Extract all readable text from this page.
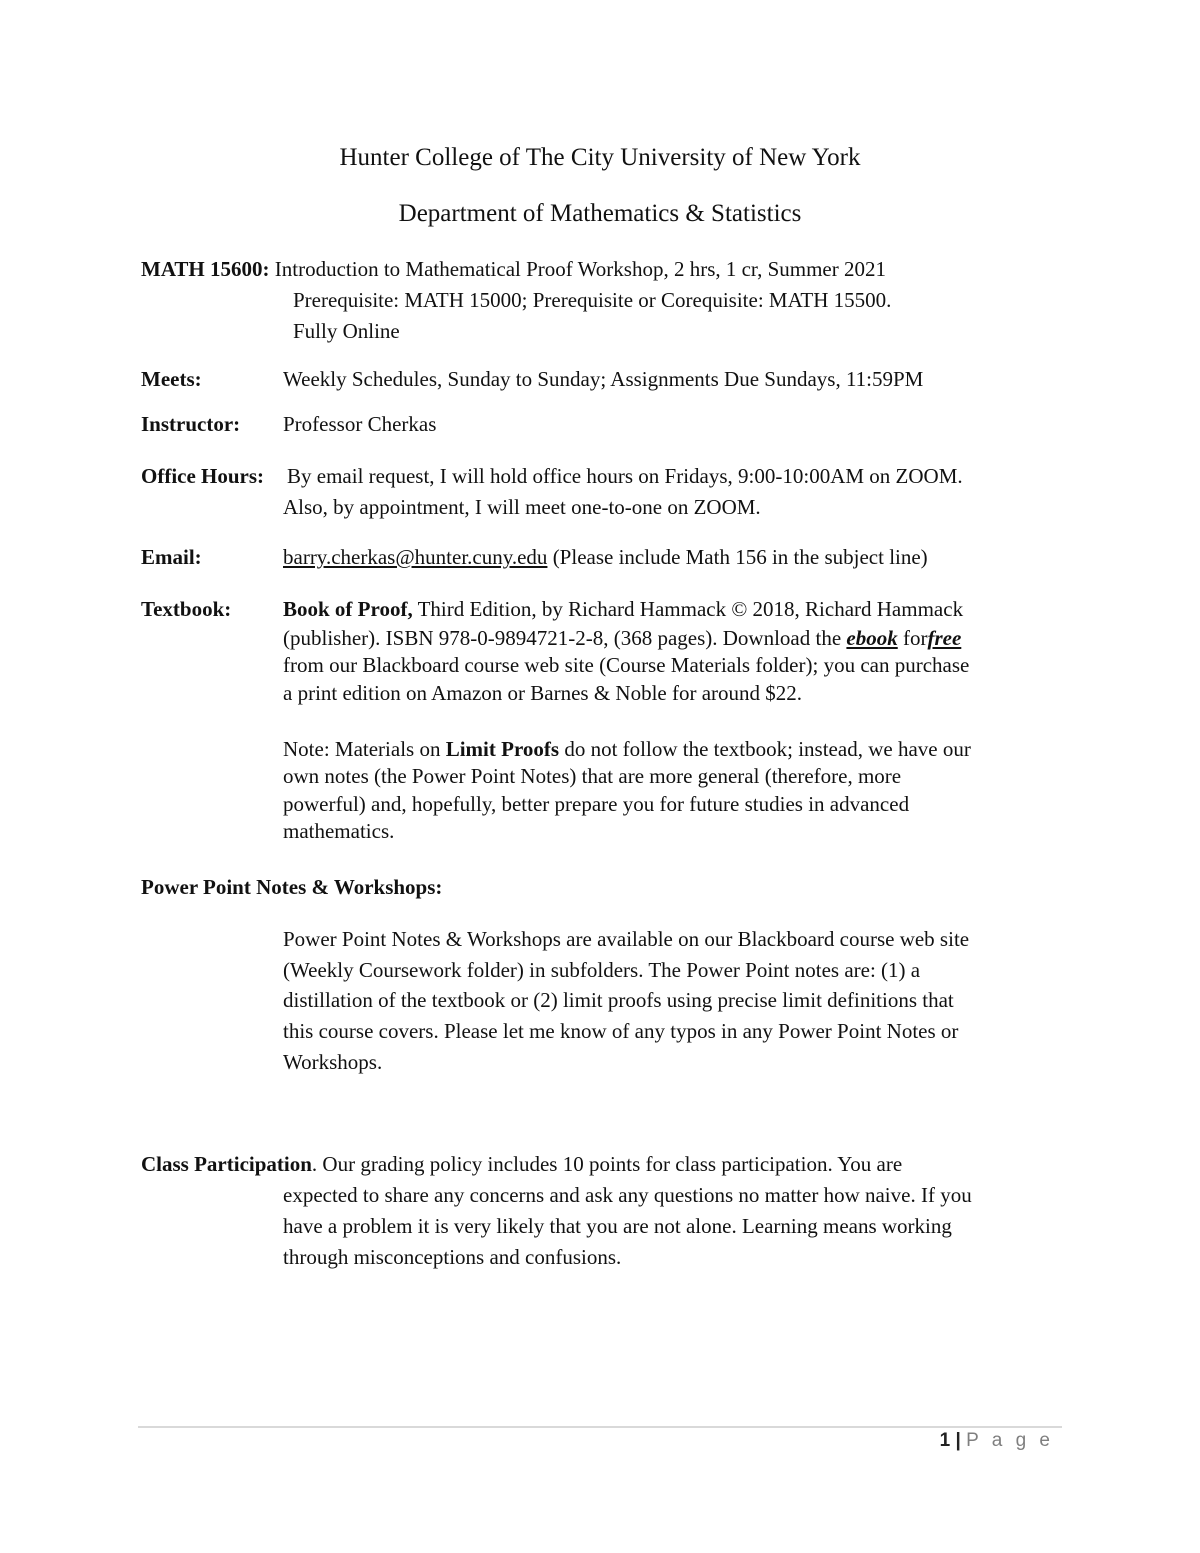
Hunter College of The City University of New York
Department of Mathematics & Statistics
MATH 15600: Introduction to Mathematical Proof Workshop, 2 hrs, 1 cr, Summer 2021
Prerequisite: MATH 15000; Prerequisite or Corequisite: MATH 15500.
Fully Online
Meets:	Weekly Schedules, Sunday to Sunday; Assignments Due Sundays, 11:59PM
Instructor: Professor Cherkas
Office Hours: By email request, I will hold office hours on Fridays, 9:00-10:00AM on ZOOM.
Also, by appointment, I will meet one-to-one on ZOOM.
Email:	barry.cherkas@hunter.cuny.edu (Please include Math 156 in the subject line)
Textbook: Book of Proof, Third Edition, by Richard Hammack © 2018, Richard Hammack
(publisher). ISBN 978-0-9894721-2-8, (368 pages). Download the ebook forfree
from our Blackboard course web site (Course Materials folder); you can purchase
a print edition on Amazon or Barnes & Noble for around $22.
Note: Materials on Limit Proofs do not follow the textbook; instead, we have our
own notes (the Power Point Notes) that are more general (therefore, more
powerful) and, hopefully, better prepare you for future studies in advanced
mathematics.
Power Point Notes & Workshops:
Power Point Notes & Workshops are available on our Blackboard course web site
(Weekly Coursework folder) in subfolders. The Power Point notes are: (1) a
distillation of the textbook or (2) limit proofs using precise limit definitions that
this course covers. Please let me know of any typos in any Power Point Notes or
Workshops.
Class Participation. Our grading policy includes 10 points for class participation. You are
expected to share any concerns and ask any questions no matter how naive. If you
have a problem it is very likely that you are not alone. Learning means working
through misconceptions and confusions.
1 | P a g e
